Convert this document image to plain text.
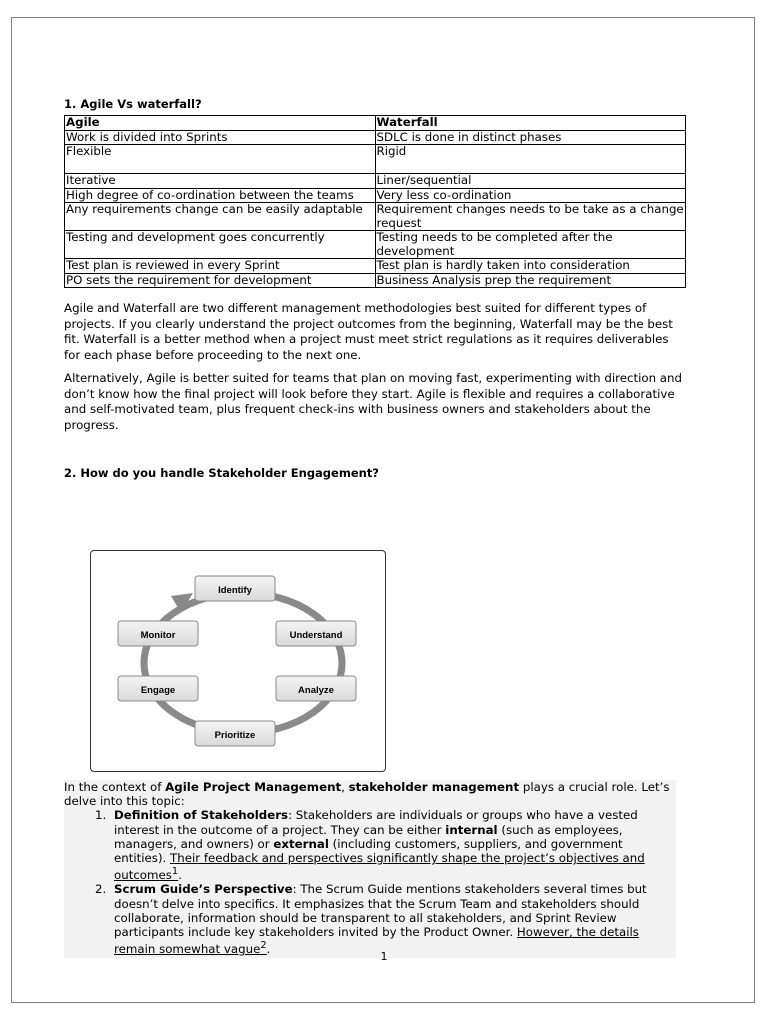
1. Agile Vs waterfall?

Agile	Waterfall
Work is divided into Sprints	SDLC is done in distinct phases
Flexible	Rigid
Iterative	Liner/sequential
High degree of co-ordination between the teams	Very less co-ordination
Any requirements change can be easily adaptable	Requirement changes needs to be take as a change request
Testing and development goes concurrently	Testing needs to be completed after the development
Test plan is reviewed in every Sprint	Test plan is hardly taken into consideration
PO sets the requirement for development	Business Analysis prep the requirement

Agile and Waterfall are two different management methodologies best suited for different types of projects. If you clearly understand the project outcomes from the beginning, Waterfall may be the best fit. Waterfall is a better method when a project must meet strict regulations as it requires deliverables for each phase before proceeding to the next one.

Alternatively, Agile is better suited for teams that plan on moving fast, experimenting with direction and don’t know how the final project will look before they start. Agile is flexible and requires a collaborative and self-motivated team, plus frequent check-ins with business owners and stakeholders about the progress.

2. How do you handle Stakeholder Engagement?

Identify
Understand
Analyze
Prioritize
Engage
Monitor
In the context of Agile Project Management, stakeholder management plays a crucial role. Let’s delve into this topic:
1. Definition of Stakeholders: Stakeholders are individuals or groups who have a vested interest in the outcome of a project. They can be either internal (such as employees, managers, and owners) or external (including customers, suppliers, and government entities). Their feedback and perspectives significantly shape the project’s objectives and outcomes$^1$.
2. Scrum Guide’s Perspective: The Scrum Guide mentions stakeholders several times but doesn’t delve into specifics. It emphasizes that the Scrum Team and stakeholders should collaborate, information should be transparent to all stakeholders, and Sprint Review participants include key stakeholders invited by the Product Owner. However, the details remain somewhat vague$^2$.
1
